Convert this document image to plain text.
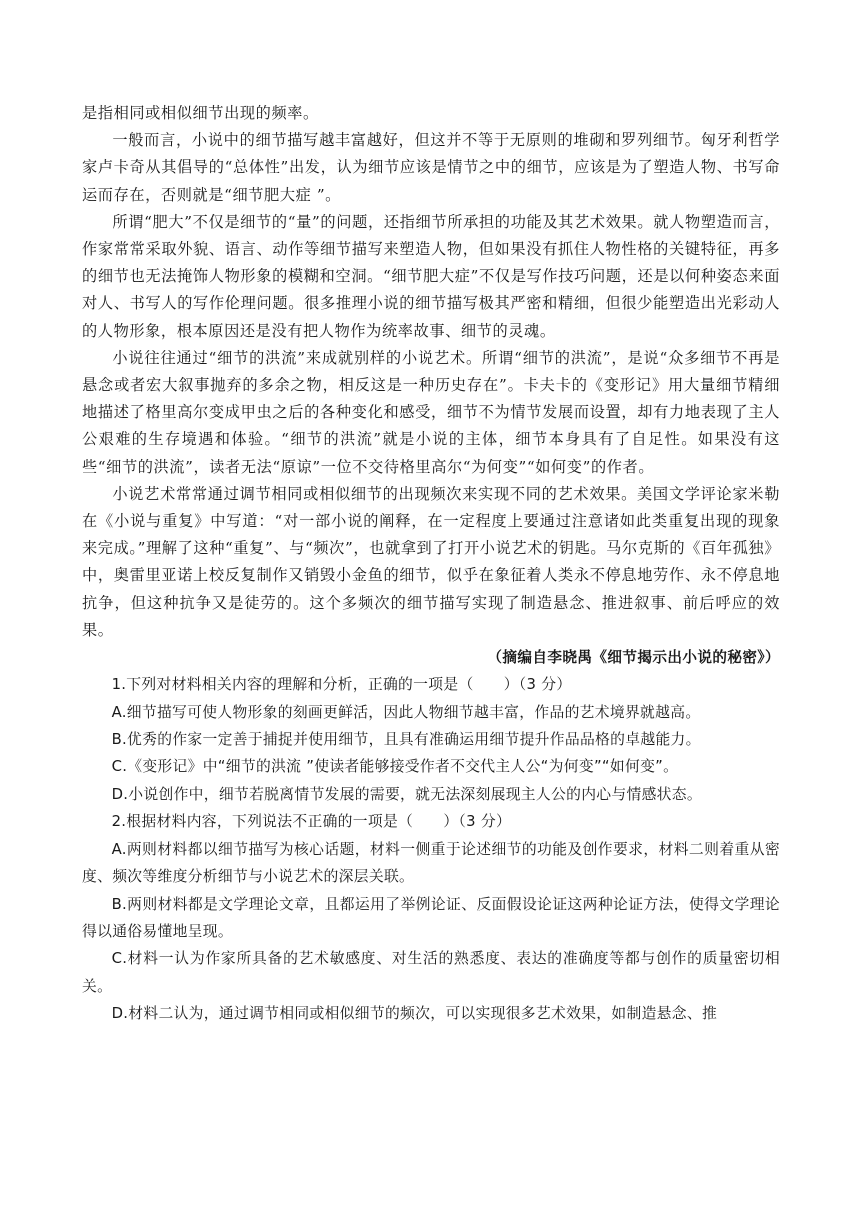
是指相同或相似细节出现的频率。

一般而言，小说中的细节描写越丰富越好，但这并不等于无原则的堆砌和罗列细节。匈牙利哲学家卢卡奇从其倡导的“总体性”出发，认为细节应该是情节之中的细节，应该是为了塑造人物、书写命运而存在，否则就是“细节肥大症 ”。

所谓“肥大”不仅是细节的“量”的问题，还指细节所承担的功能及其艺术效果。就人物塑造而言，作家常常采取外貌、语言、动作等细节描写来塑造人物，但如果没有抓住人物性格的关键特征，再多的细节也无法掩饰人物形象的模糊和空洞。“细节肥大症”不仅是写作技巧问题，还是以何种姿态来面对人、书写人的写作伦理问题。很多推理小说的细节描写极其严密和精细，但很少能塑造出光彩动人的人物形象，根本原因还是没有把人物作为统率故事、细节的灵魂。

小说往往通过“细节的洪流”来成就别样的小说艺术。所谓“细节的洪流”，是说“众多细节不再是悬念或者宏大叙事抛弃的多余之物，相反这是一种历史存在”。卡夫卡的《变形记》用大量细节精细地描述了格里高尔变成甲虫之后的各种变化和感受，细节不为情节发展而设置，却有力地表现了主人公艰难的生存境遇和体验。“细节的洪流”就是小说的主体，细节本身具有了自足性。如果没有这些“细节的洪流”，读者无法“原谅”一位不交待格里高尔“为何变”“如何变”的作者。

小说艺术常常通过调节相同或相似细节的出现频次来实现不同的艺术效果。美国文学评论家米勒在《小说与重复》中写道：“对一部小说的阐释，在一定程度上要通过注意诸如此类重复出现的现象来完成。”理解了这种“重复”、与“频次”，也就拿到了打开小说艺术的钥匙。马尔克斯的《百年孤独》中，奥雷里亚诺上校反复制作又销毁小金鱼的细节，似乎在象征着人类永不停息地劳作、永不停息地抗争，但这种抗争又是徒劳的。这个多频次的细节描写实现了制造悬念、推进叙事、前后呼应的效果。

（摘编自李晓禺《细节揭示出小说的秘密》）

1.下列对材料相关内容的理解和分析，正确的一项是（　　）（3 分）

A.细节描写可使人物形象的刻画更鲜活，因此人物细节越丰富，作品的艺术境界就越高。

B.优秀的作家一定善于捕捉并使用细节，且具有准确运用细节提升作品品格的卓越能力。

C.《变形记》中“细节的洪流 ”使读者能够接受作者不交代主人公“为何变”“如何变”。

D.小说创作中，细节若脱离情节发展的需要，就无法深刻展现主人公的内心与情感状态。

2.根据材料内容，下列说法不正确的一项是（　　）（3 分）

A.两则材料都以细节描写为核心话题，材料一侧重于论述细节的功能及创作要求，材料二则着重从密度、频次等维度分析细节与小说艺术的深层关联。

B.两则材料都是文学理论文章，且都运用了举例论证、反面假设论证这两种论证方法，使得文学理论得以通俗易懂地呈现。

C.材料一认为作家所具备的艺术敏感度、对生活的熟悉度、表达的准确度等都与创作的质量密切相关。

D.材料二认为，通过调节相同或相似细节的频次，可以实现很多艺术效果，如制造悬念、推
